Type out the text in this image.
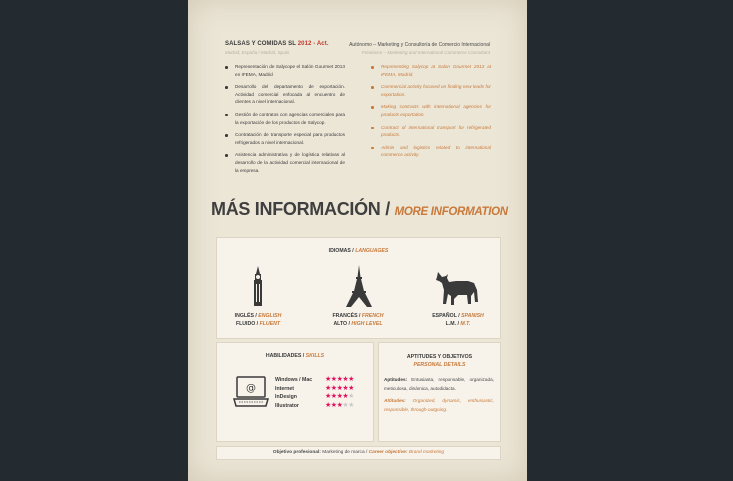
SALSAS Y COMIDAS SL 2012 - Act.
Madrid, España / Madrid, Spain
Autónomo – Marketing y Consultoría de Comercio Internacional
Freelance – Marketing and International Commerce Consultant
Representación de Salycope el Salón Gourmet 2013 en IFEMA, Madrid
Desarrollo del departamento de exportación. Actividad comercial enfocada al encuentro de clientes a nivel internacional.
Gestión de contratos con agencias comerciales para la exportación de los productos de Salycop.
Contratación de transporte especial para productos refrigerados a nivel internacional.
Asistencia administrativa y de logística relativas al desarrollo de la actividad comercial internacional de la empresa.
Representing Salycop at Salon Gourmet 2013 at IFEMA, Madrid.
Commercial activity focused on finding new leads for exportation.
Making contracts with international agencies for products exportation.
Contract of international transport for refrigerated products.
Admin and logistics related to international commerce activity.
MÁS INFORMACIÓN / MORE INFORMATION
IDIOMAS / LANGUAGES
INGLÉS / ENGLISH
FLUIDO / FLUENT
FRANCÉS / FRENCH
ALTO / HIGH LEVEL
ESPAÑOL / SPANISH
L.M. / M.T.
HABILIDADES / SKILLS
@
Windows / Mac
Internet
InDesign
Illustrator
★★★★★
★★★★★
★★★★★
★★★★★
APTITUDES Y OBJETIVOS
PERSONAL DETAILS

Aptitudes: Entusiasta, responsable, organizada, meticulosa, dinámica, autodidacta.

Attitudes: Organized, dynamic, enthusiastic, responsible, through-outgoing.

Objetivo profesional: Marketing de marca / Career objective: Brand marketing
